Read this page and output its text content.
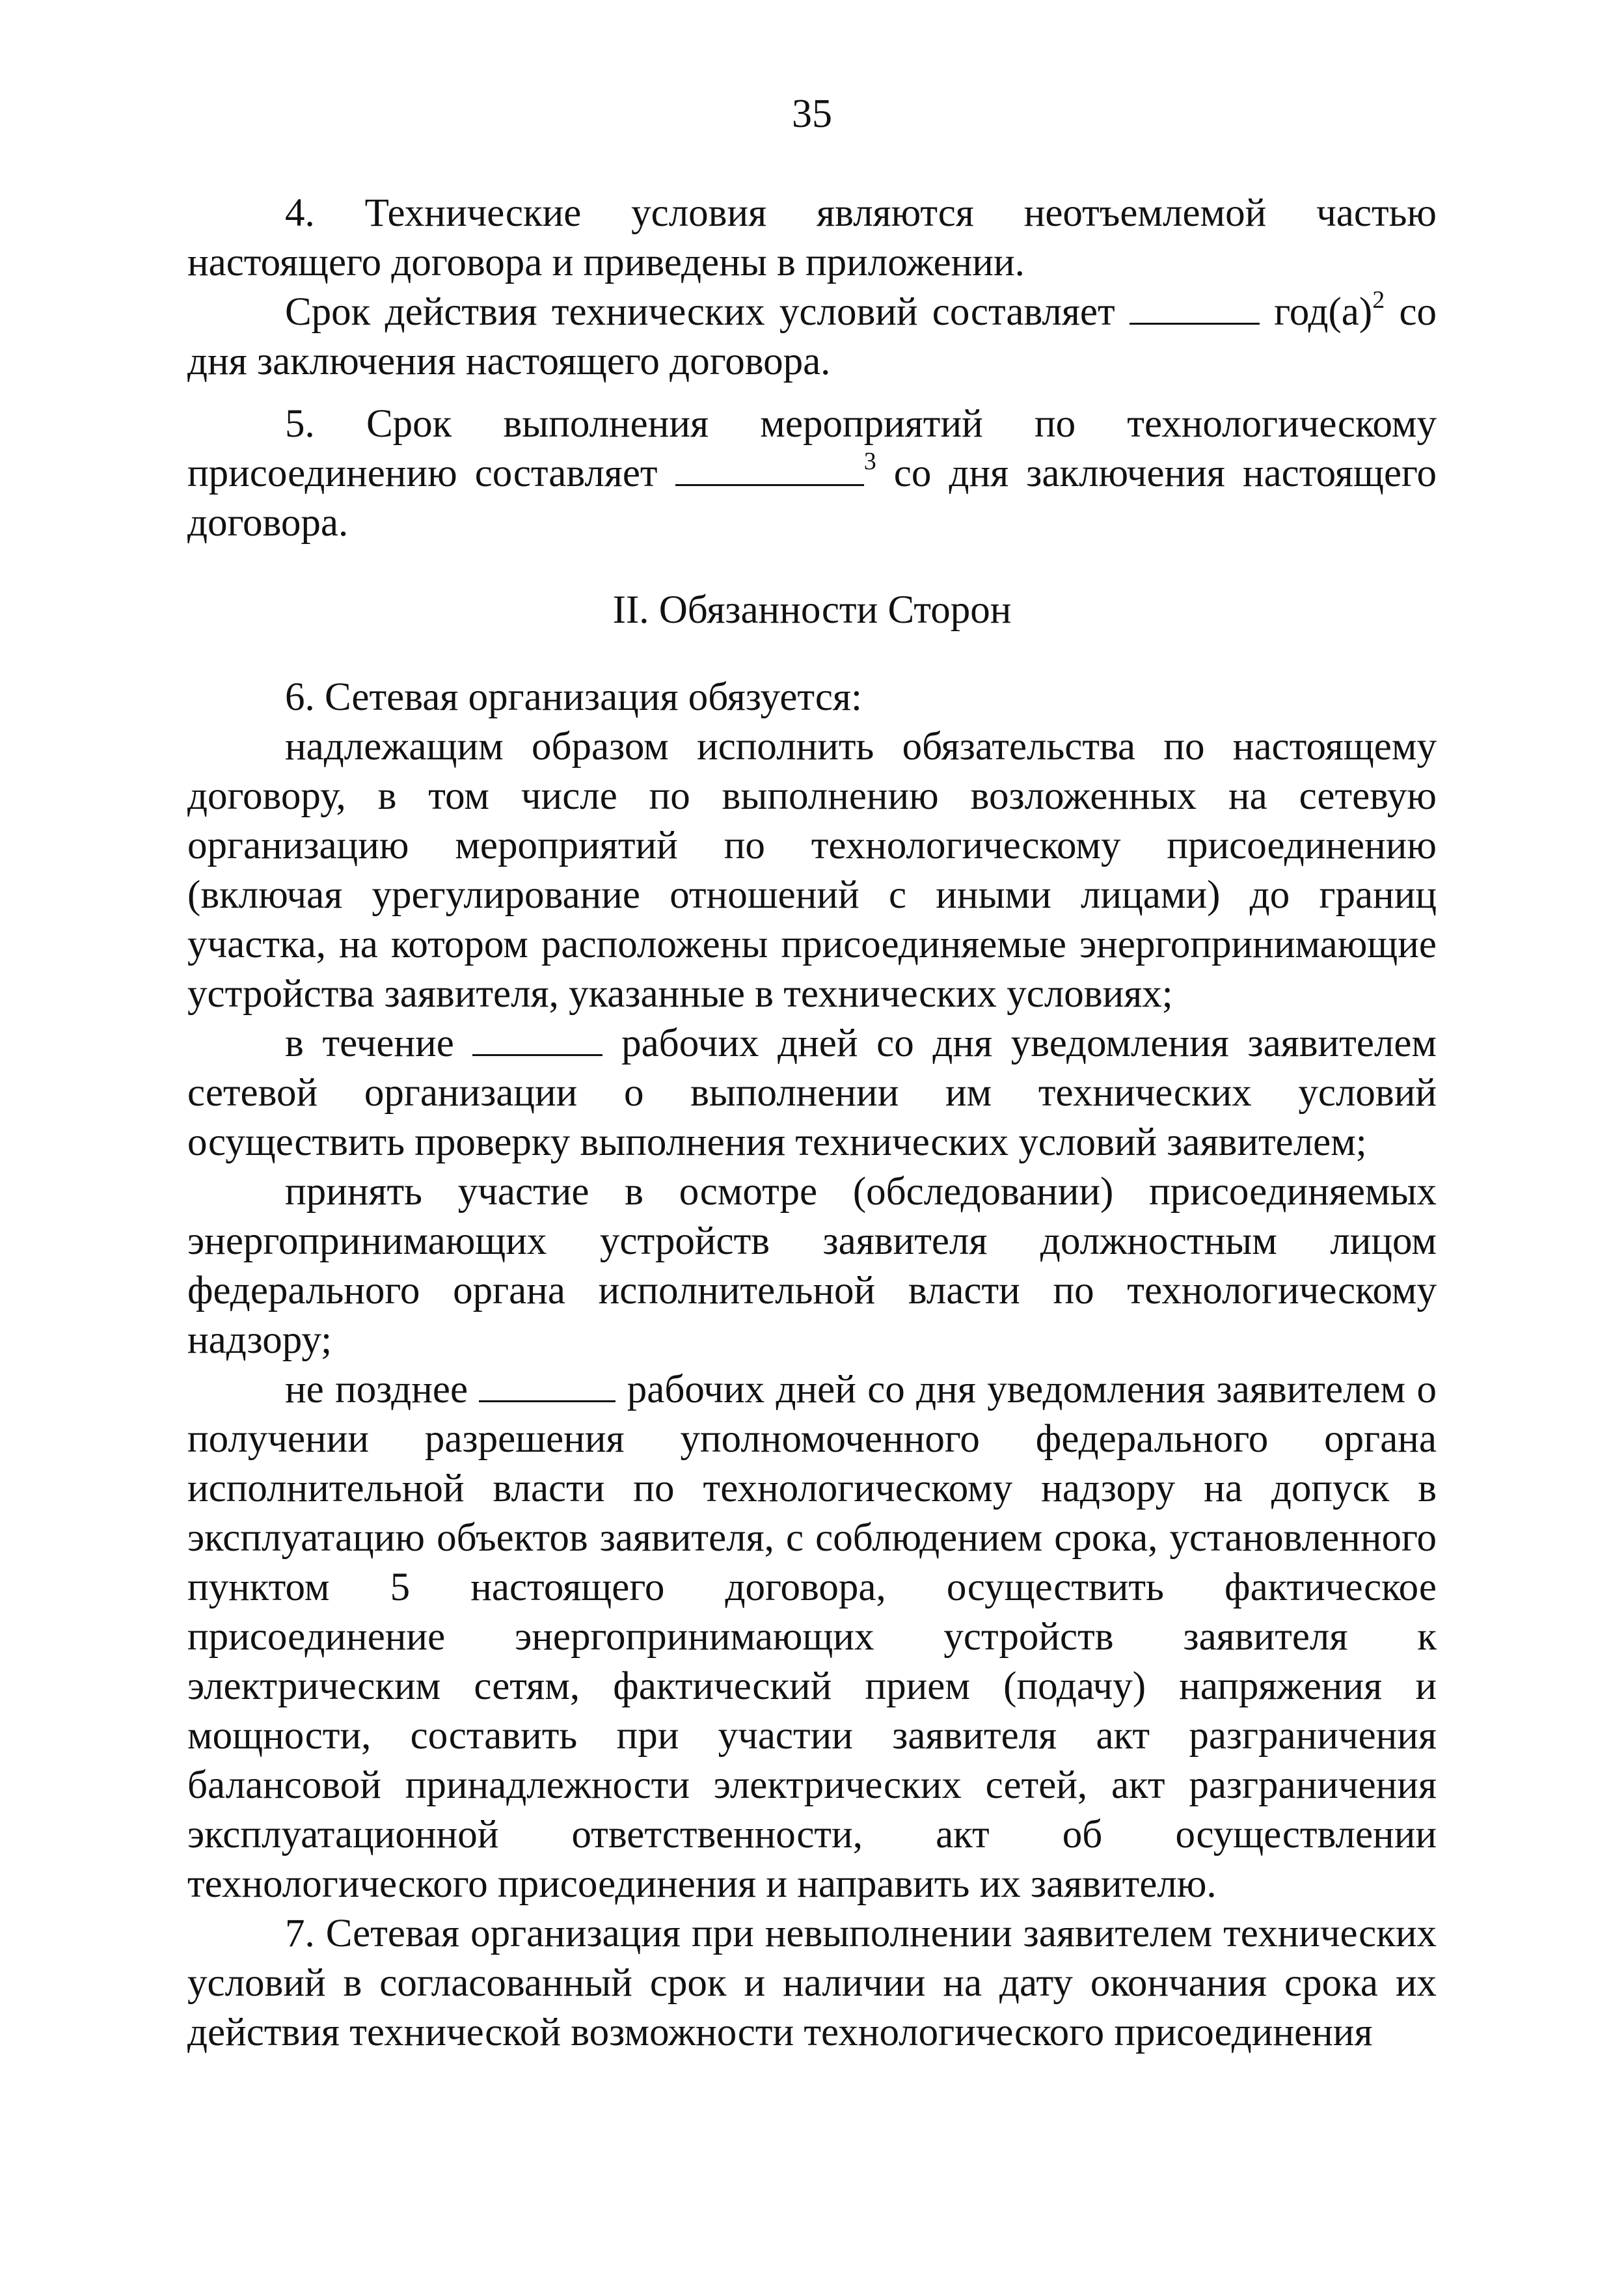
35

4. Технические условия являются неотъемлемой частью настоящего договора и приведены в приложении.

Срок действия технических условий составляет	$год(а)^2$ со дня заключения настоящего договора.

5. Срок выполнения мероприятий по технологическому присоединению составляет	$^3$ со дня заключения настоящего договора.

II. Обязанности Сторон

6. Сетевая организация обязуется:

надлежащим образом исполнить обязательства по настоящему договору, в том числе по выполнению возложенных на сетевую организацию мероприятий по технологическому присоединению (включая урегулирование отношений с иными лицами) до границ участка, на котором расположены присоединяемые энергопринимающие устройства заявителя, указанные в технических условиях;

в течение	рабочих дней со дня уведомления заявителем сетевой организации о выполнении им технических условий осуществить проверку выполнения технических условий заявителем;

принять участие в осмотре (обследовании) присоединяемых энергопринимающих устройств заявителя должностным лицом федерального органа исполнительной власти по технологическому надзору;

не позднее	рабочих дней со дня уведомления заявителем о получении разрешения уполномоченного федерального органа исполнительной власти по технологическому надзору на допуск в эксплуатацию объектов заявителя, с соблюдением срока, установленного пунктом 5 настоящего договора, осуществить фактическое присоединение энергопринимающих устройств заявителя к электрическим сетям, фактический прием (подачу) напряжения и мощности, составить при участии заявителя акт разграничения балансовой принадлежности электрических сетей, акт разграничения эксплуатационной ответственности, акт об осуществлении технологического присоединения и направить их заявителю.

7. Сетевая организация при невыполнении заявителем технических условий в согласованный срок и наличии на дату окончания срока их действия технической возможности технологического присоединения
